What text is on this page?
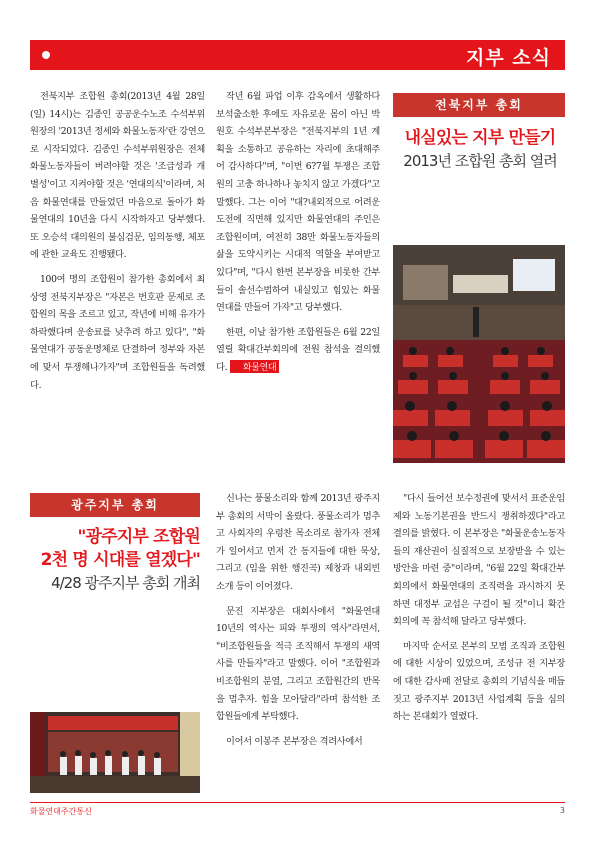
지부 소식

전북지부 조합원 총회(2013년 4월 28일(일) 14시)는 김종인 공공운수노조 수석부위원장의 '2013년 정세와 화물노동자'란 강연으로 시작되었다. 김종인 수석부위원장은 전체 화물노동자들이 버려야할 것은 '조급성과 개별성'이고 지켜야할 것은 '연대의식'이라며, 처음 화물연대를 만들었던 마음으로 돌아가 화물연대의 10년을 다시 시작하자고 당부했다. 또 오승석 대의원의 불심검문, 임의동행, 체포에 관한 교육도 진행됐다.

100여 명의 조합원이 참가한 총회에서 최상영 전북지부장은 "자본은 번호판 문제로 조합원의 목을 조르고 있고, 작년에 비해 유가가 하락했다며 운송료를 낮추려 하고 있다", "화물연대가 공동운명체로 단결하여 정부와 자본에 맞서 투쟁해나가자"며 조합원들을 독려했다.

작년 6월 파업 이후 감옥에서 생활하다 보석출소한 후에도 자유로운 몸이 아닌 박원호 수석부본부장은 "전북지부의 1년 계획을 소통하고 공유하는 자리에 초대해주어 감사하다"며, "이번 6?7월 투쟁은 조합원의 고충 하나하나 놓치지 않고 가겠다"고 말했다. 그는 이어 "대?내외적으로 어려운 도전에 직면해 있지만 화물연대의 주인은 조합원이며, 여전히 38만 화물노동자들의 삶을 도약시키는 시대적 역할을 부여받고 있다"며, "다시 한번 본부장을 비롯한 간부들이 솔선수범하여 내실있고 힘있는 화물연대를 만들어 가자"고 당부했다.

한편, 이날 참가한 조합원들은 6월 22일 열릴 확대간부회의에 전원 참석을 결의했다. 화물연대

전북지부 총회
내실있는 지부 만들기
2013년 조합원 총회 열려
광주지부 총회
"광주지부 조합원
2천 명 시대를 열겠다"
4/28 광주지부 총회 개최

신나는 풍물소리와 함께 2013년 광주지부 총회의 서막이 올랐다. 풍물소리가 멈추고 사회자의 우렁찬 목소리로 참가자 전체가 일어서고 먼저 간 동지들에 대한 묵상, 그리고 (임을 위한 행진곡) 제창과 내외빈 소개 등이 이어졌다.

문진 지부장은 대회사에서 "화물연대 10년의 역사는 피와 투쟁의 역사"라면서, "비조합원들을 적극 조직해서 투쟁의 새역사를 만들자"라고 말했다. 이어 "조합원과 비조합원의 분열, 그리고 조합원간의 반목을 멈추자. 힘을 모아달라"라며 참석한 조합원들에게 부탁했다.

이어서 이봉주 본부장은 격려사에서

"다시 들어선 보수정권에 맞서서 표준운임제와 노동기본권을 반드시 쟁취하겠다"라고 결의를 밝혔다. 이 본부장은 "화물운송노동자들의 재산권이 실질적으로 보장받을 수 있는 방안을 마련 중"이라며, "6월 22일 확대간부 회의에서 화물연대의 조직력을 과시하지 못하면 대정부 교섭은 구걸이 될 것"이니 확간회의에 꼭 참석해 달라고 당부했다.

마지막 순서로 본부의 모범 조직과 조합원에 대한 시상이 있었으며, 조성규 전 지부장에 대한 감사패 전달로 총회의 기념식을 매듭짓고 광주지부 2013년 사업계획 등을 심의하는 본대회가 열렸다.

화물연대주간통신	3
